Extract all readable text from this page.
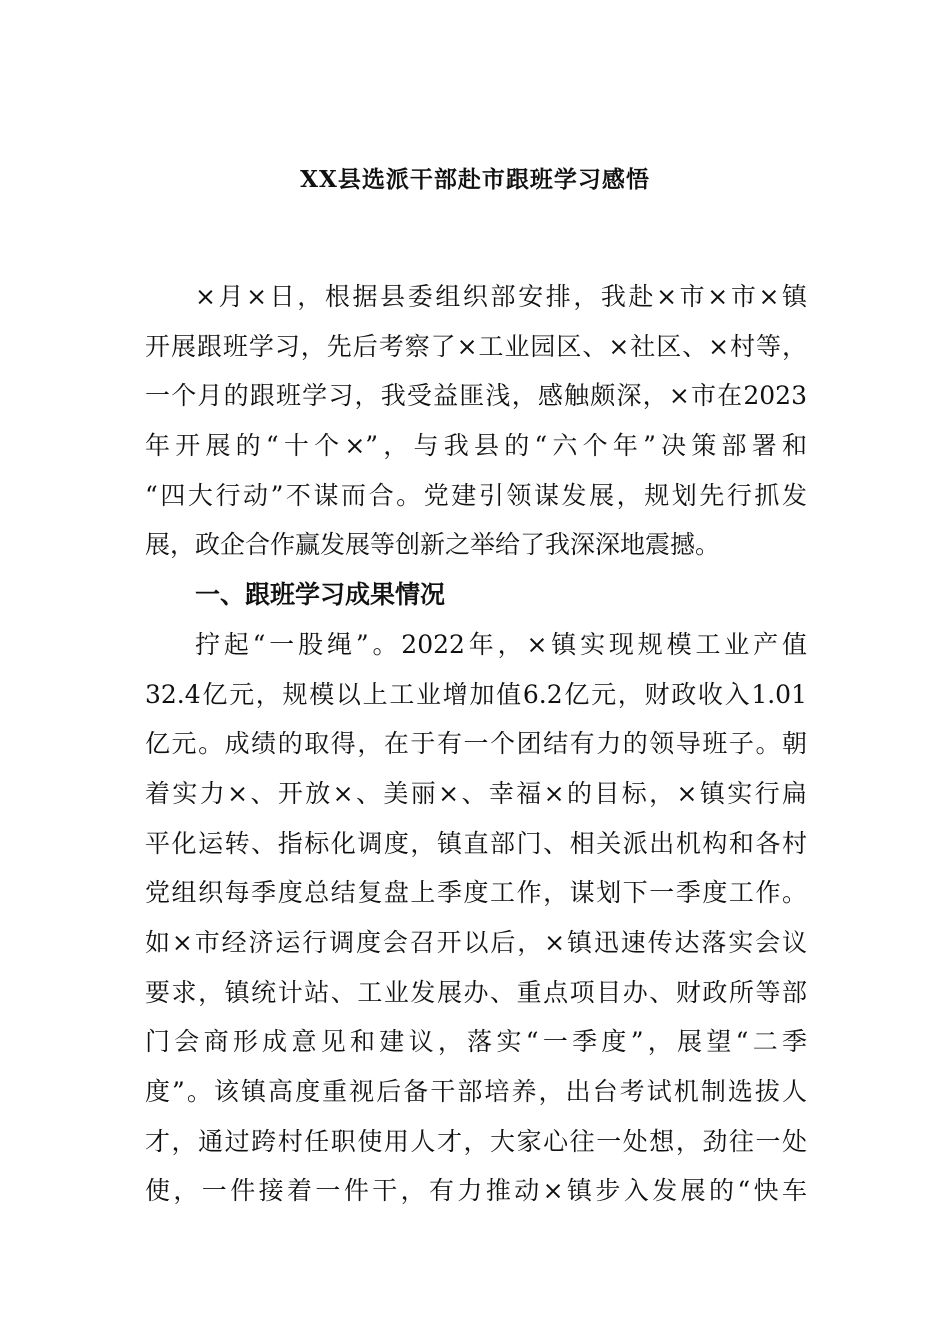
XX县选派干部赴市跟班学习感悟
×月×日，根据县委组织部安排，我赴×市×市×镇
开展跟班学习，先后考察了×工业园区、×社区、×村等，
一个月的跟班学习，我受益匪浅，感触颇深，×市在2023
年开展的“十个×”，与我县的“六个年”决策部署和
“四大行动”不谋而合。党建引领谋发展，规划先行抓发
展，政企合作赢发展等创新之举给了我深深地震撼。
一、跟班学习成果情况
拧起“一股绳”。2022年，×镇实现规模工业产值
32.4亿元，规模以上工业增加值6.2亿元，财政收入1.01
亿元。成绩的取得，在于有一个团结有力的领导班子。朝
着实力×、开放×、美丽×、幸福×的目标，×镇实行扁
平化运转、指标化调度，镇直部门、相关派出机构和各村
党组织每季度总结复盘上季度工作，谋划下一季度工作。
如×市经济运行调度会召开以后，×镇迅速传达落实会议
要求，镇统计站、工业发展办、重点项目办、财政所等部
门会商形成意见和建议，落实“一季度”，展望“二季
度”。该镇高度重视后备干部培养，出台考试机制选拔人
才，通过跨村任职使用人才，大家心往一处想，劲往一处
使，一件接着一件干，有力推动×镇步入发展的“快车
